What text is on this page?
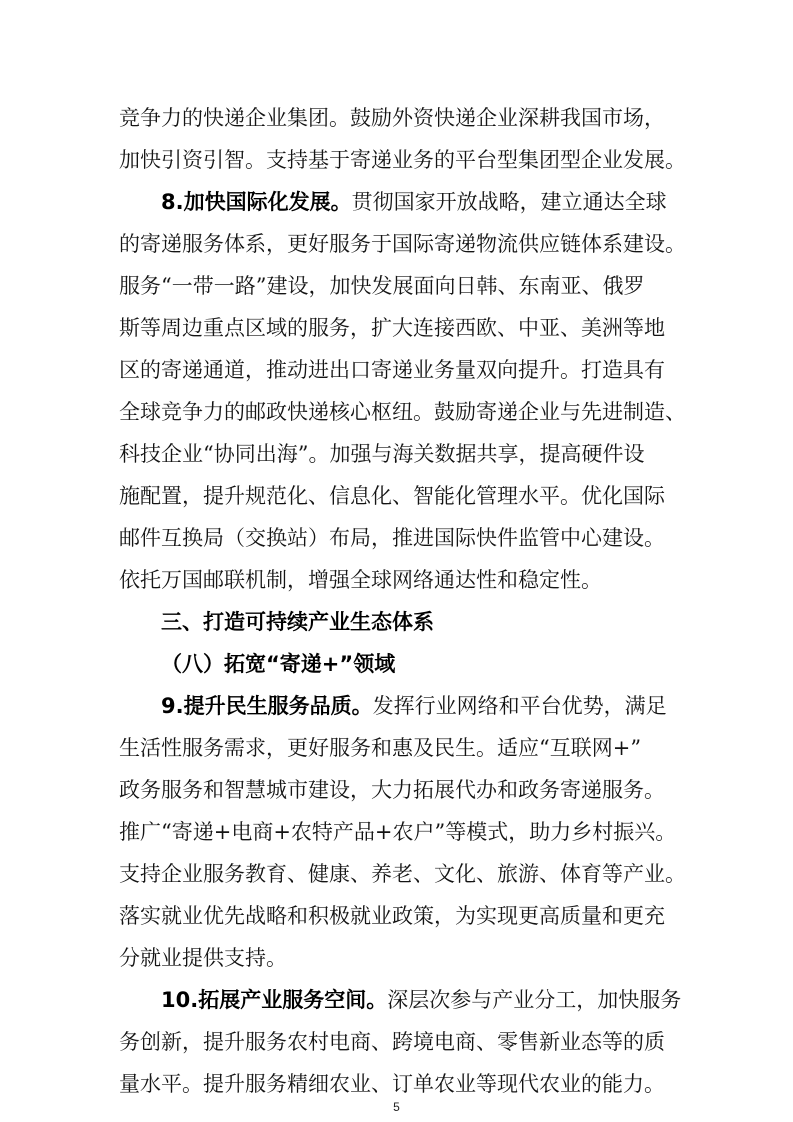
竞争力的快递企业集团。鼓励外资快递企业深耕我国市场，
加快引资引智。支持基于寄递业务的平台型集团型企业发展。
8.加快国际化发展。贯彻国家开放战略，建立通达全球
的寄递服务体系，更好服务于国际寄递物流供应链体系建设。
服务“一带一路”建设，加快发展面向日韩、东南亚、俄罗
斯等周边重点区域的服务，扩大连接西欧、中亚、美洲等地
区的寄递通道，推动进出口寄递业务量双向提升。打造具有
全球竞争力的邮政快递核心枢纽。鼓励寄递企业与先进制造、
科技企业“协同出海”。加强与海关数据共享，提高硬件设
施配置，提升规范化、信息化、智能化管理水平。优化国际
邮件互换局（交换站）布局，推进国际快件监管中心建设。
依托万国邮联机制，增强全球网络通达性和稳定性。
三、打造可持续产业生态体系
（八）拓宽“寄递+”领域
9.提升民生服务品质。发挥行业网络和平台优势，满足
生活性服务需求，更好服务和惠及民生。适应“互联网+”
政务服务和智慧城市建设，大力拓展代办和政务寄递服务。
推广“寄递+电商+农特产品+农户”等模式，助力乡村振兴。
支持企业服务教育、健康、养老、文化、旅游、体育等产业。
落实就业优先战略和积极就业政策，为实现更高质量和更充
分就业提供支持。
10.拓展产业服务空间。深层次参与产业分工，加快服务
务创新，提升服务农村电商、跨境电商、零售新业态等的质
量水平。提升服务精细农业、订单农业等现代农业的能力。
5
